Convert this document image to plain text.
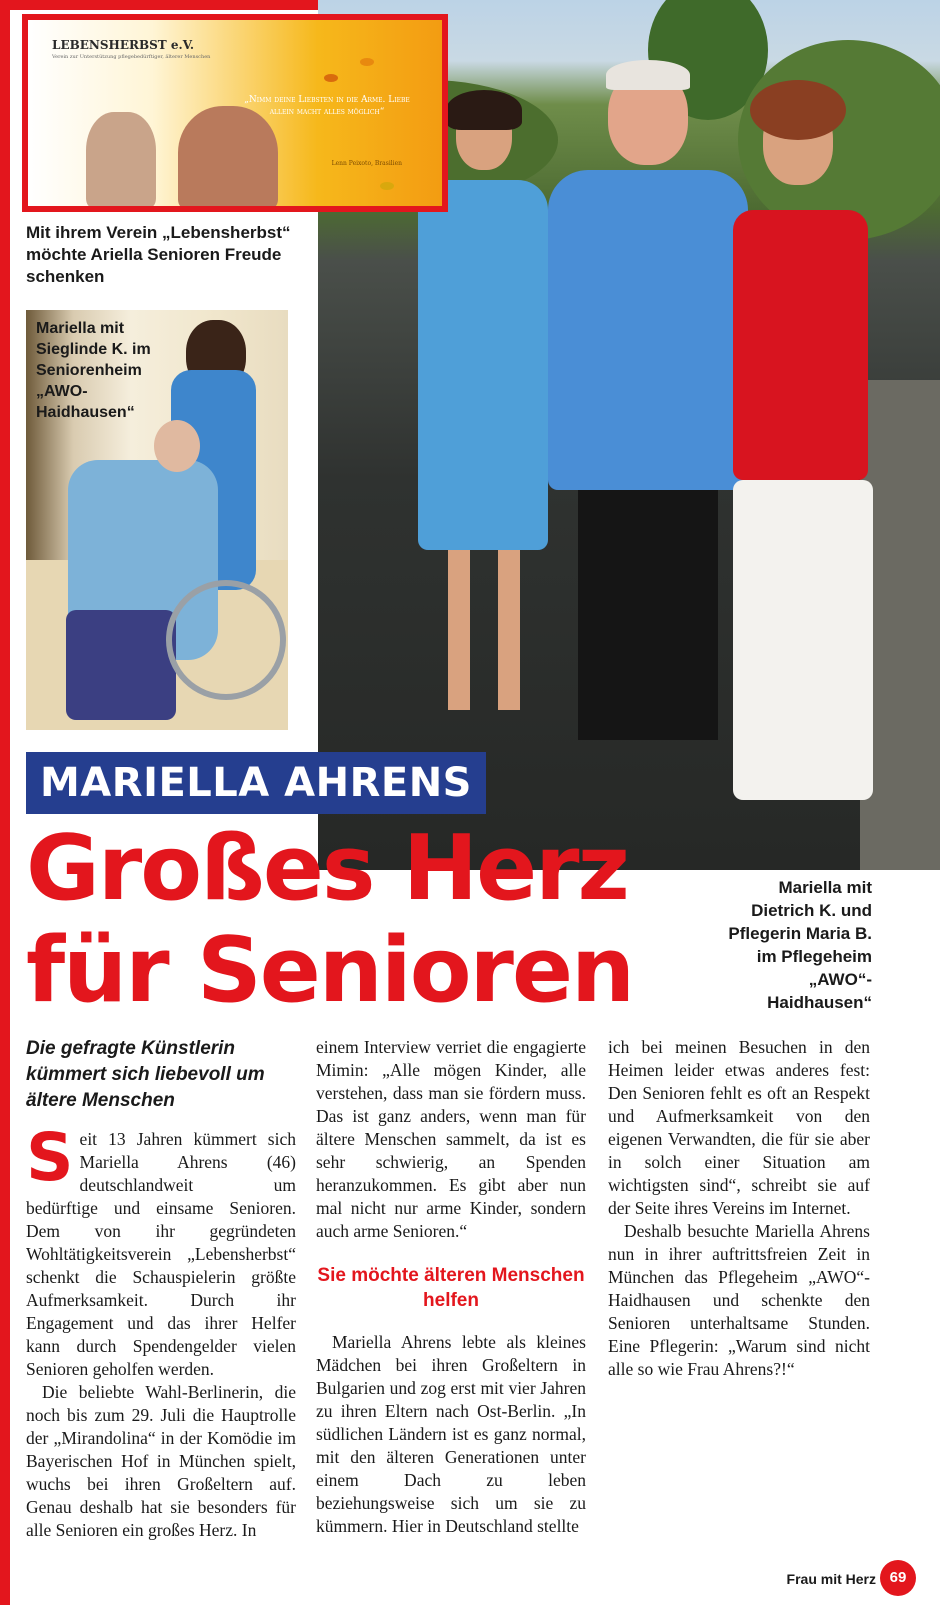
LEBENSHERBST e.V.
Verein zur Unterstützung pflegebedürftiger, älterer Menschen
„Nimm deine Liebsten in die Arme. Liebe allein macht alles möglich“
Lenn Peixoto, Brasilien
Mit ihrem Verein „Lebensherbst“ möchte Ariella Senioren Freude schenken
Mariella mit Sieglinde K. im Seniorenheim „AWO-Haidhausen“
MARIELLA AHRENS
Großes Herz
für Senioren
Mariella mit Dietrich K. und Pflegerin Maria B. im Pflegeheim „AWO“-Haidhausen“
Die gefragte Künstlerin kümmert sich liebevoll um ältere Menschen

Seit 13 Jahren kümmert sich Mariella Ahrens (46) deutschlandweit um bedürftige und einsame Senioren. Dem von ihr gegründeten Wohltätigkeitsverein „Lebensherbst“ schenkt die Schauspielerin größte Aufmerksamkeit. Durch ihr Engagement und das ihrer Helfer kann durch Spendengelder vielen Senioren geholfen werden.

Die beliebte Wahl-Berlinerin, die noch bis zum 29. Juli die Hauptrolle der „Mirandolina“ in der Komödie im Bayerischen Hof in München spielt, wuchs bei ihren Großeltern auf. Genau deshalb hat sie besonders für alle Senioren ein großes Herz. In

einem Interview verriet die engagierte Mimin: „Alle mögen Kinder, alle verstehen, dass man sie fördern muss. Das ist ganz anders, wenn man für ältere Menschen sammelt, da ist es sehr schwierig, an Spenden heranzukommen. Es gibt aber nun mal nicht nur arme Kinder, sondern auch arme Senioren.“

Sie möchte älteren Menschen helfen

Mariella Ahrens lebte als kleines Mädchen bei ihren Großeltern in Bulgarien und zog erst mit vier Jahren zu ihren Eltern nach Ost-Berlin. „In südlichen Ländern ist es ganz normal, mit den älteren Generationen unter einem Dach zu leben beziehungsweise sich um sie zu kümmern. Hier in Deutschland stellte

ich bei meinen Besuchen in den Heimen leider etwas anderes fest: Den Senioren fehlt es oft an Respekt und Aufmerksamkeit von den eigenen Verwandten, die für sie aber in solch einer Situation am wichtigsten sind“, schreibt sie auf der Seite ihres Vereins im Internet.

Deshalb besuchte Mariella Ahrens nun in ihrer auftrittsfreien Zeit in München das Pflegeheim „AWO“-Haidhausen und schenkte den Senioren unterhaltsame Stunden. Eine Pflegerin: „Warum sind nicht alle so wie Frau Ahrens?!“

Frau mit Herz 69
